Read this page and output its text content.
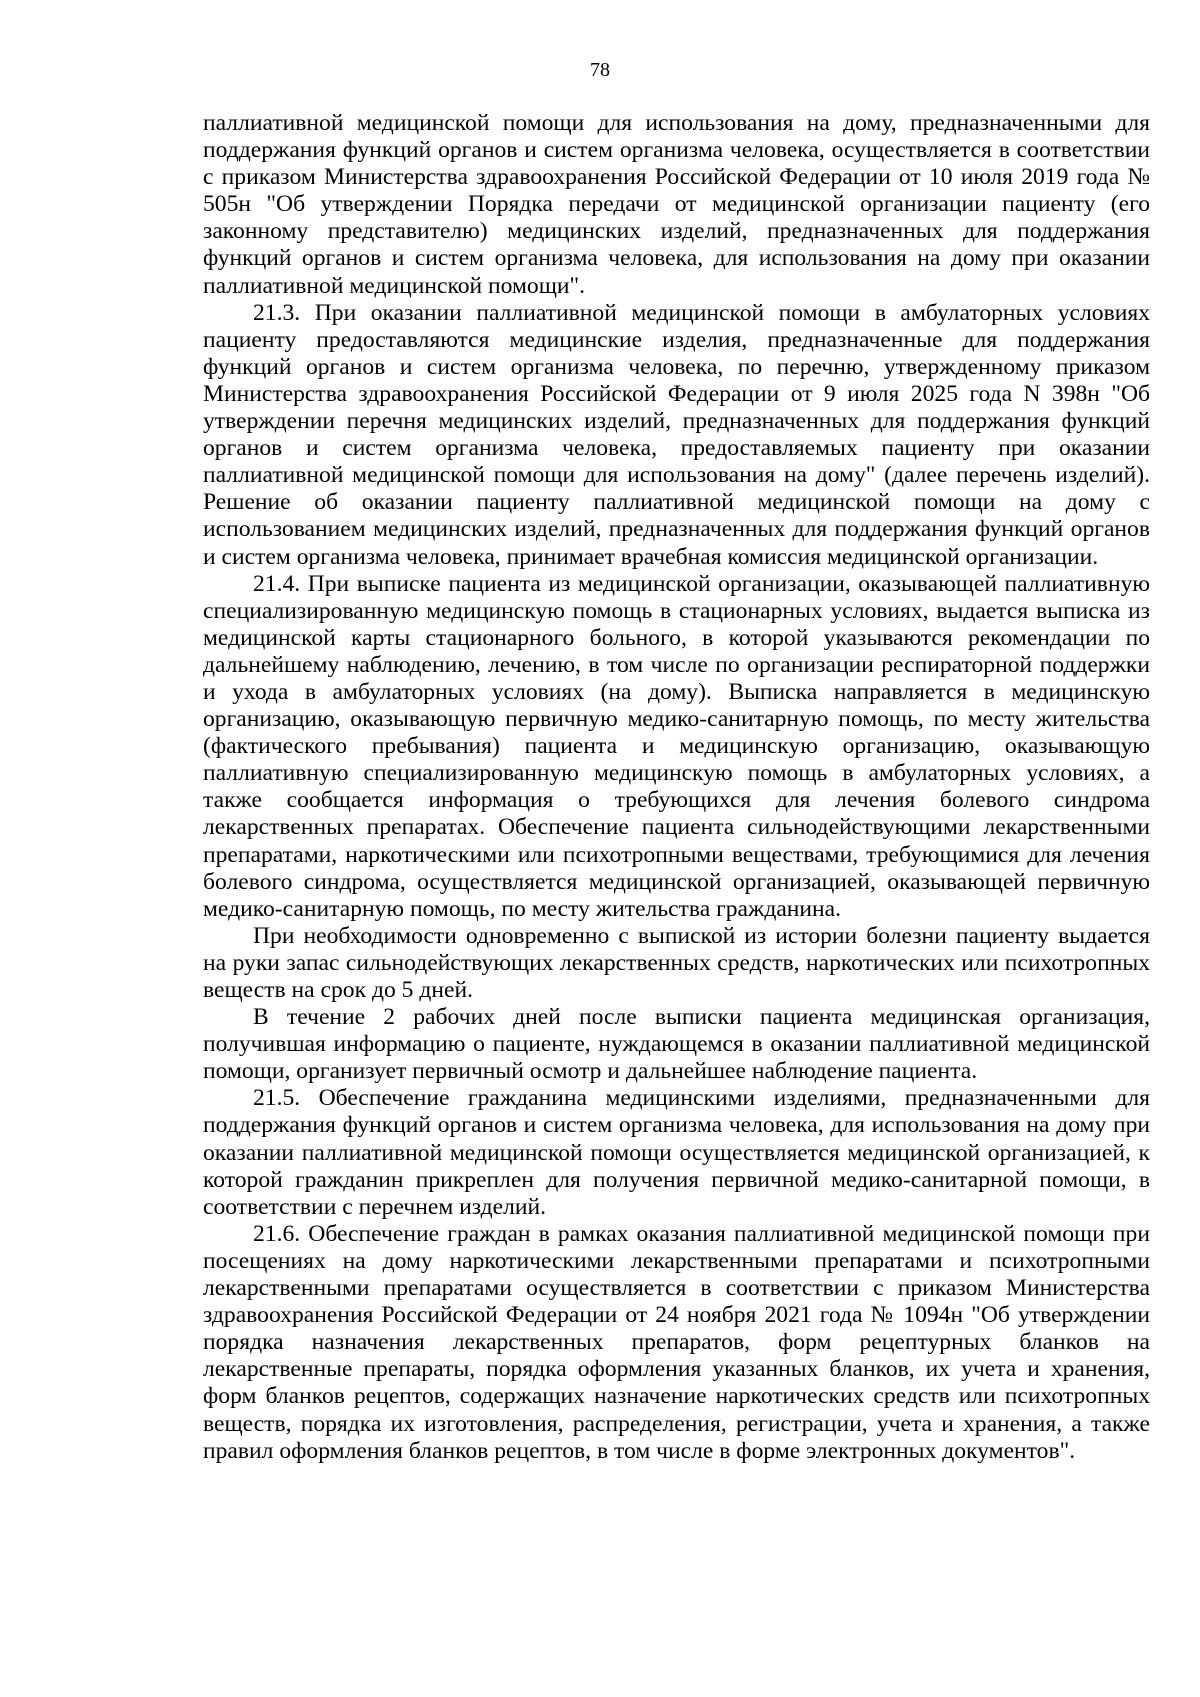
78

паллиативной медицинской помощи для использования на дому, предназначенными для поддержания функций органов и систем организма человека, осуществляется в соответствии с приказом Министерства здравоохранения Российской Федерации от 10 июля 2019 года № 505н "Об утверждении Порядка передачи от медицинской организации пациенту (его законному представителю) медицинских изделий, предназначенных для поддержания функций органов и систем организма человека, для использования на дому при оказании паллиативной медицинской помощи".

21.3. При оказании паллиативной медицинской помощи в амбулаторных условиях пациенту предоставляются медицинские изделия, предназначенные для поддержания функций органов и систем организма человека, по перечню, утвержденному приказом Министерства здравоохранения Российской Федерации от 9 июля 2025 года N 398н "Об утверждении перечня медицинских изделий, предназначенных для поддержания функций органов и систем организма человека, предоставляемых пациенту при оказании паллиативной медицинской помощи для использования на дому" (далее перечень изделий). Решение об оказании пациенту паллиативной медицинской помощи на дому с использованием медицинских изделий, предназначенных для поддержания функций органов и систем организма человека, принимает врачебная комиссия медицинской организации.

21.4. При выписке пациента из медицинской организации, оказывающей паллиативную специализированную медицинскую помощь в стационарных условиях, выдается выписка из медицинской карты стационарного больного, в которой указываются рекомендации по дальнейшему наблюдению, лечению, в том числе по организации респираторной поддержки и ухода в амбулаторных условиях (на дому). Выписка направляется в медицинскую организацию, оказывающую первичную медико-санитарную помощь, по месту жительства (фактического пребывания) пациента и медицинскую организацию, оказывающую паллиативную специализированную медицинскую помощь в амбулаторных условиях, а также сообщается информация о требующихся для лечения болевого синдрома лекарственных препаратах. Обеспечение пациента сильнодействующими лекарственными препаратами, наркотическими или психотропными веществами, требующимися для лечения болевого синдрома, осуществляется медицинской организацией, оказывающей первичную медико-санитарную помощь, по месту жительства гражданина.

При необходимости одновременно с выпиской из истории болезни пациенту выдается на руки запас сильнодействующих лекарственных средств, наркотических или психотропных веществ на срок до 5 дней.

В течение 2 рабочих дней после выписки пациента медицинская организация, получившая информацию о пациенте, нуждающемся в оказании паллиативной медицинской помощи, организует первичный осмотр и дальнейшее наблюдение пациента.

21.5. Обеспечение гражданина медицинскими изделиями, предназначенными для поддержания функций органов и систем организма человека, для использования на дому при оказании паллиативной медицинской помощи осуществляется медицинской организацией, к которой гражданин прикреплен для получения первичной медико-санитарной помощи, в соответствии с перечнем изделий.

21.6. Обеспечение граждан в рамках оказания паллиативной медицинской помощи при посещениях на дому наркотическими лекарственными препаратами и психотропными лекарственными препаратами осуществляется в соответствии с приказом Министерства здравоохранения Российской Федерации от 24 ноября 2021 года № 1094н "Об утверждении порядка назначения лекарственных препаратов, форм рецептурных бланков на лекарственные препараты, порядка оформления указанных бланков, их учета и хранения, форм бланков рецептов, содержащих назначение наркотических средств или психотропных веществ, порядка их изготовления, распределения, регистрации, учета и хранения, а также правил оформления бланков рецептов, в том числе в форме электронных документов".
